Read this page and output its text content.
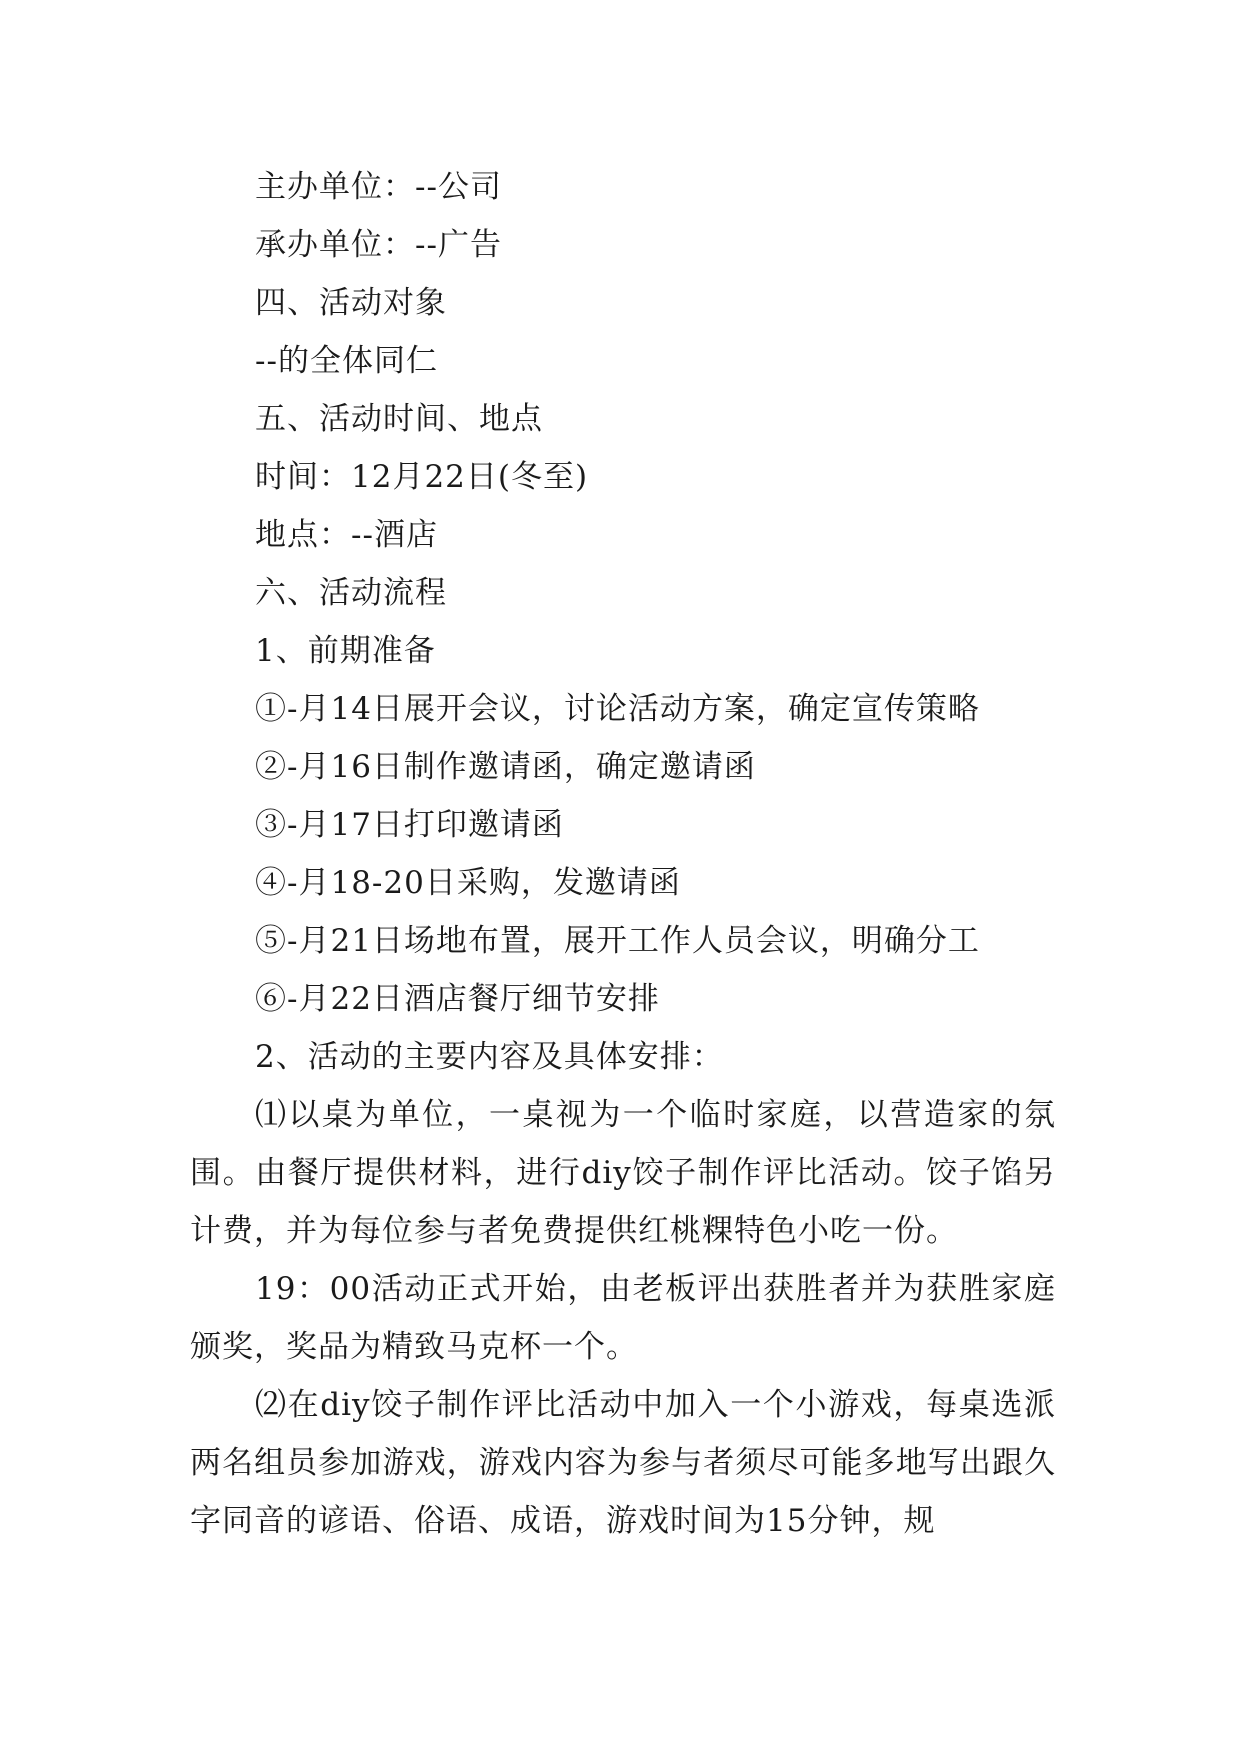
主办单位：--公司
承办单位：--广告
四、活动对象
--的全体同仁
五、活动时间、地点
时间：12月22日(冬至)
地点：--酒店
六、活动流程
1、前期准备
①-月14日展开会议，讨论活动方案，确定宣传策略
②-月16日制作邀请函，确定邀请函
③-月17日打印邀请函
④-月18-20日采购，发邀请函
⑤-月21日场地布置，展开工作人员会议，明确分工
⑥-月22日酒店餐厅细节安排
2、活动的主要内容及具体安排：

⑴以桌为单位，一桌视为一个临时家庭，以营造家的氛围。由餐厅提供材料，进行diy饺子制作评比活动。饺子馅另计费，并为每位参与者免费提供红桃粿特色小吃一份。

19：00活动正式开始，由老板评出获胜者并为获胜家庭颁奖，奖品为精致马克杯一个。

⑵在diy饺子制作评比活动中加入一个小游戏，每桌选派两名组员参加游戏，游戏内容为参与者须尽可能多地写出跟久字同音的谚语、俗语、成语，游戏时间为15分钟，规
